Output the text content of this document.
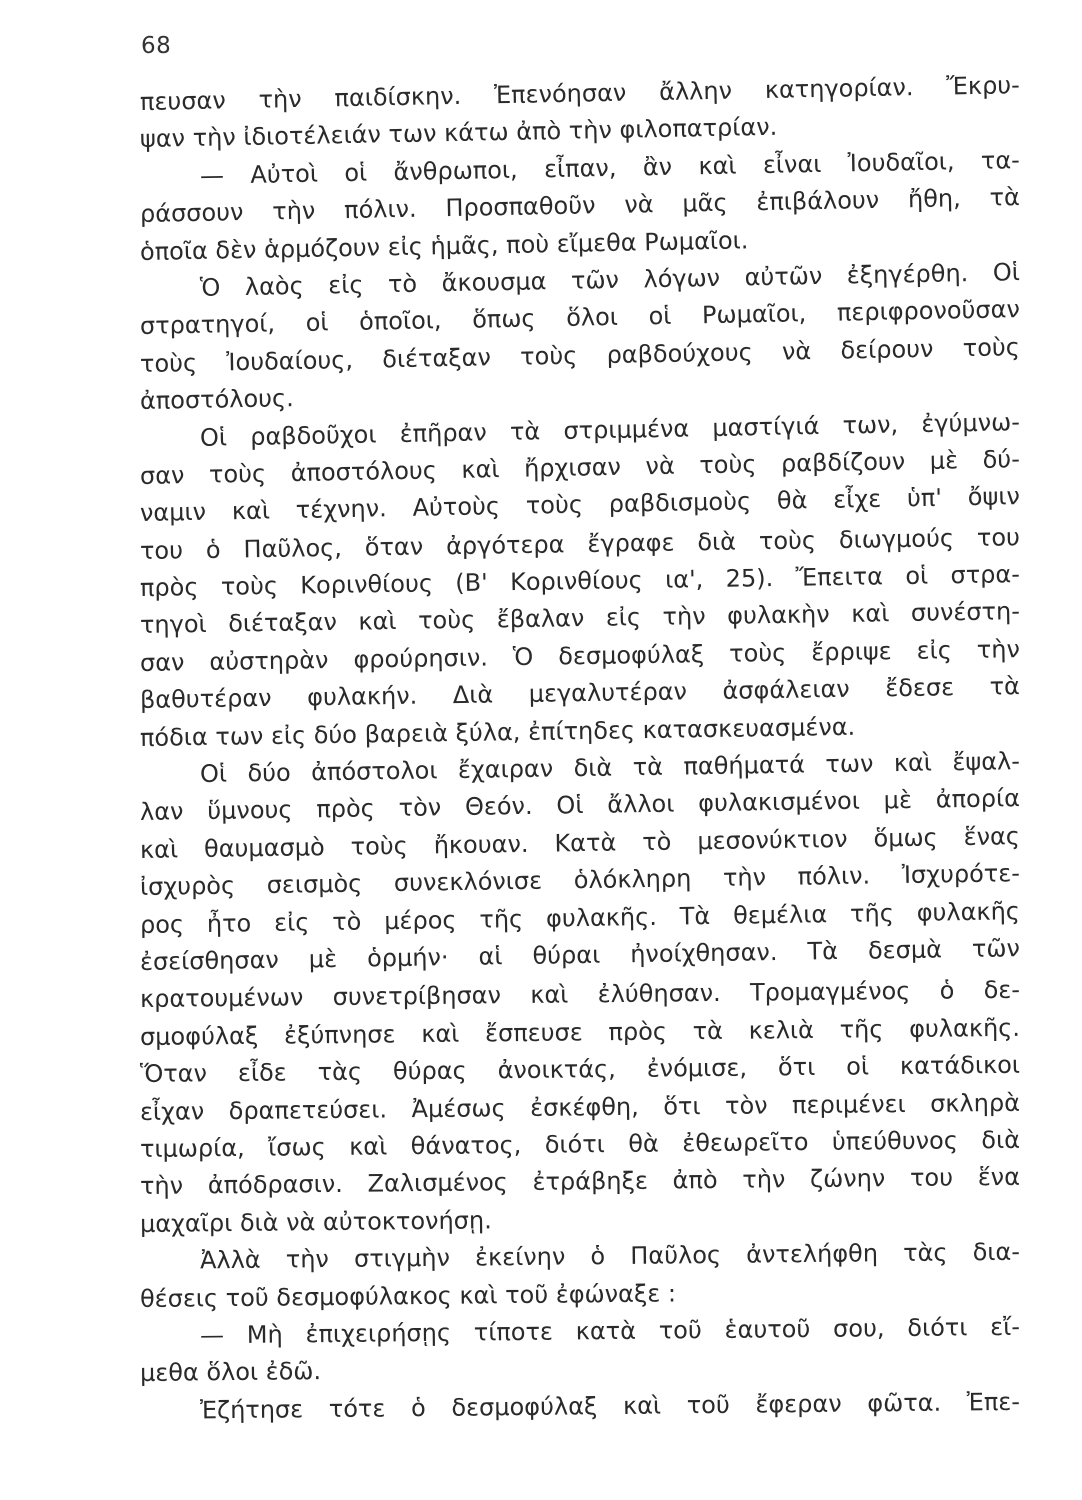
68
πευσαν τὴν παιδίσκην. Ἐπενόησαν ἄλλην κατηγορίαν. Ἔκρυ-
ψαν τὴν ἰδιοτέλειάν των κάτω ἀπὸ τὴν φιλοπατρίαν.
— Αὐτοὶ οἱ ἄνθρωποι, εἶπαν, ἂν καὶ εἶναι Ἰουδαῖοι, τα-
ράσσουν τὴν πόλιν. Προσπαθοῦν νὰ μᾶς ἐπιβάλουν ἤθη, τὰ
ὁποῖα δὲν ἁρμόζουν εἰς ἡμᾶς, ποὺ εἴμεθα Ρωμαῖοι.
Ὁ λαὸς εἰς τὸ ἄκουσμα τῶν λόγων αὐτῶν ἐξηγέρθη. Οἱ
στρατηγοί, οἱ ὁποῖοι, ὅπως ὅλοι οἱ Ρωμαῖοι, περιφρονοῦσαν
τοὺς Ἰουδαίους, διέταξαν τοὺς ραβδούχους νὰ δείρουν τοὺς
ἀποστόλους.
Οἱ ραβδοῦχοι ἐπῆραν τὰ στριμμένα μαστίγιά των, ἐγύμνω-
σαν τοὺς ἀποστόλους καὶ ἤρχισαν νὰ τοὺς ραβδίζουν μὲ δύ-
ναμιν καὶ τέχνην. Αὐτοὺς τοὺς ραβδισμοὺς θὰ εἶχε ὑπ' ὄψιν
του ὁ Παῦλος, ὅταν ἀργότερα ἔγραφε διὰ τοὺς διωγμούς του
πρὸς τοὺς Κορινθίους (Β' Κορινθίους ια', 25). Ἔπειτα οἱ στρα-
τηγοὶ διέταξαν καὶ τοὺς ἔβαλαν εἰς τὴν φυλακὴν καὶ συνέστη-
σαν αὐστηρὰν φρούρησιν. Ὁ δεσμοφύλαξ τοὺς ἔρριψε εἰς τὴν
βαθυτέραν φυλακήν. Διὰ μεγαλυτέραν ἀσφάλειαν ἔδεσε τὰ
πόδια των εἰς δύο βαρειὰ ξύλα, ἐπίτηδες κατασκευασμένα.
Οἱ δύο ἀπόστολοι ἔχαιραν διὰ τὰ παθήματά των καὶ ἔψαλ-
λαν ὕμνους πρὸς τὸν Θεόν. Οἱ ἄλλοι φυλακισμένοι μὲ ἀπορία
καὶ θαυμασμὸ τοὺς ἤκουαν. Κατὰ τὸ μεσονύκτιον ὅμως ἕνας
ἰσχυρὸς σεισμὸς συνεκλόνισε ὁλόκληρη τὴν πόλιν. Ἰσχυρότε-
ρος ἦτο εἰς τὸ μέρος τῆς φυλακῆς. Τὰ θεμέλια τῆς φυλακῆς
ἐσείσθησαν μὲ ὁρμήν· αἱ θύραι ἠνοίχθησαν. Τὰ δεσμὰ τῶν
κρατουμένων συνετρίβησαν καὶ ἐλύθησαν. Τρομαγμένος ὁ δε-
σμοφύλαξ ἐξύπνησε καὶ ἔσπευσε πρὸς τὰ κελιὰ τῆς φυλακῆς.
Ὅταν εἶδε τὰς θύρας ἀνοικτάς, ἐνόμισε, ὅτι οἱ κατάδικοι
εἶχαν δραπετεύσει. Ἀμέσως ἐσκέφθη, ὅτι τὸν περιμένει σκληρὰ
τιμωρία, ἴσως καὶ θάνατος, διότι θὰ ἐθεωρεῖτο ὑπεύθυνος διὰ
τὴν ἀπόδρασιν. Ζαλισμένος ἐτράβηξε ἀπὸ τὴν ζώνην του ἕνα
μαχαῖρι διὰ νὰ αὐτοκτονήσῃ.
Ἀλλὰ τὴν στιγμὴν ἐκείνην ὁ Παῦλος ἀντελήφθη τὰς δια-
θέσεις τοῦ δεσμοφύλακος καὶ τοῦ ἐφώναξε :
— Μὴ ἐπιχειρήσῃς τίποτε κατὰ τοῦ ἑαυτοῦ σου, διότι εἴ-
μεθα ὅλοι ἐδῶ.
Ἐζήτησε τότε ὁ δεσμοφύλαξ καὶ τοῦ ἔφεραν φῶτα. Ἐπε-
